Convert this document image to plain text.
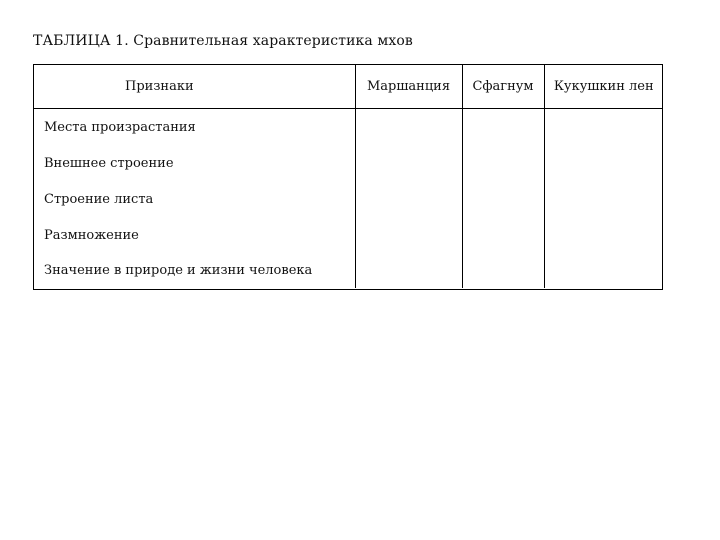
ТАБЛИЦА 1. Сравнительная характеристика мхов
Признаки	Маршанция	Сфагнум	Кукушкин лен
Места произрастания			
Внешнее строение			
Строение листа			
Размножение			
Значение в природе и жизни человека			
